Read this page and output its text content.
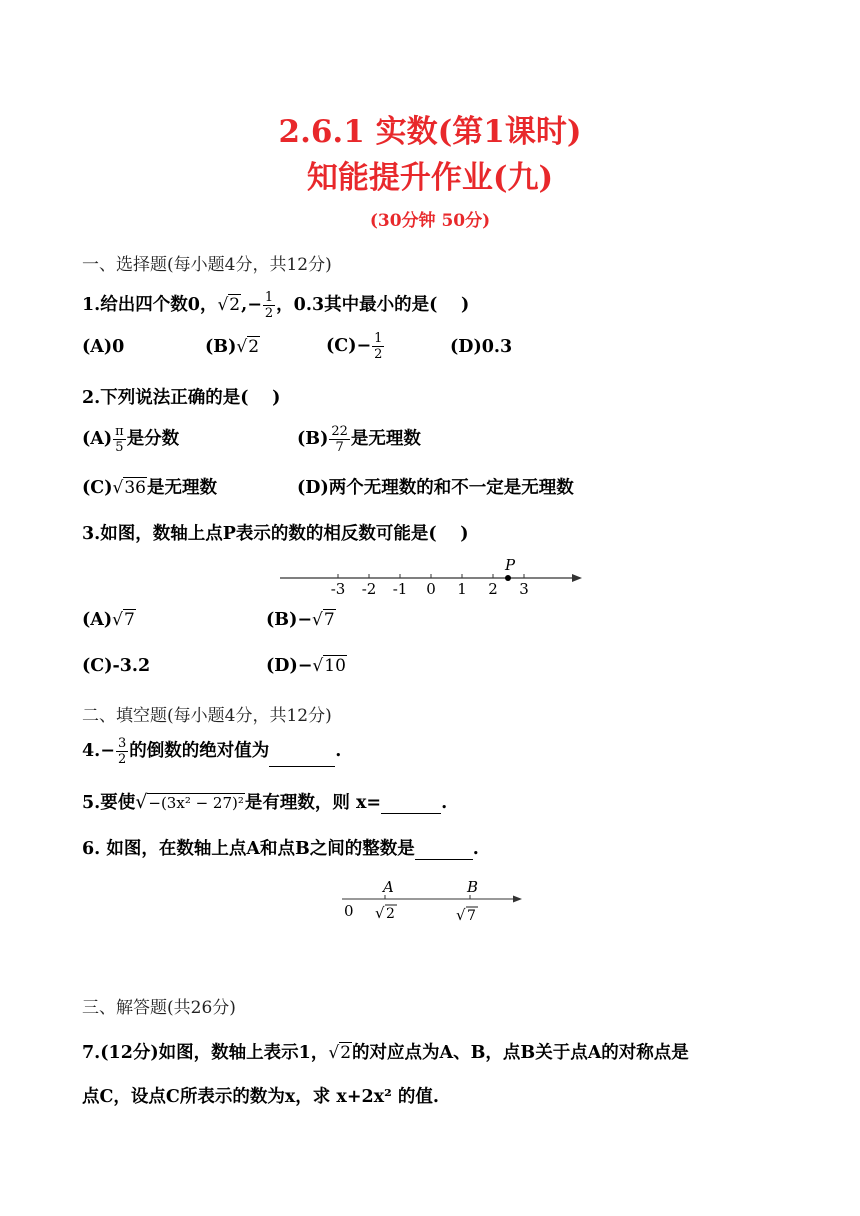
2.6.1 实数(第1课时)
知能提升作业(九)
(30分钟 50分)
一、选择题(每小题4分，共12分)
1.给出四个数0，$√2,- \frac{1}{2}$ ，0.3其中最小的是(　 )
(A)0	(B)√2	$(C)- \frac{1}{2}$	(D)0.3
2.下列说法正确的是(　 )
$(A) \frac{\pi}{5}$ 是分数	$(B) \frac{22}{7}$ 是无理数
(C)√36是无理数	(D)两个无理数的和不一定是无理数
3.如图，数轴上点P表示的数的相反数可能是(　 )
-3 -2 -1 0 1 2 3
P
(A)√7	(B)−√7
(C)-3.2	(D)−√10
二、填空题(每小题4分，共12分)
$4.- \frac{3}{2}$ 的倒数的绝对值为	.
5.要使√−(3x² − 27)²是有理数，则 x=	.
6. 如图，在数轴上点A和点B之间的整数是	.
0
A	B
√ 2	√ 7
三、解答题(共26分)
7.(12分)如图，数轴上表示1，√2的对应点为A、B，点B关于点A的对称点是
点C，设点C所表示的数为x，求 x+2x² 的值.
